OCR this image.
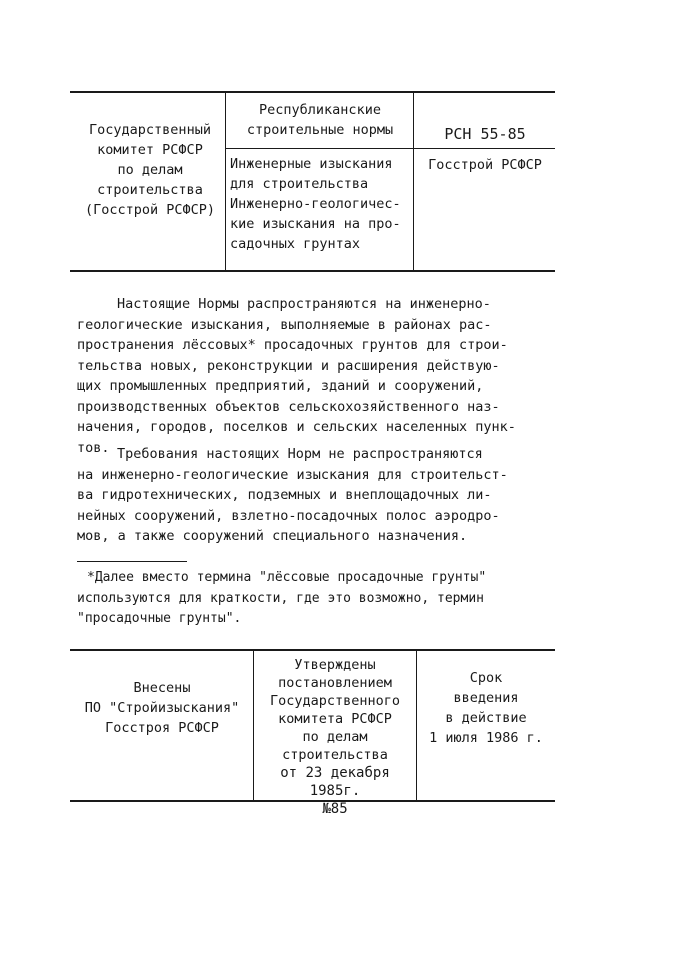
Государственный
комитет РСФСР
по делам
строительства
(Госстрой РСФСР)
Республиканские
строительные нормы
Инженерные изыскания
для строительства
Инженерно-геологичес-
кие изыскания на про-
садочных грунтах
РСН 55-85
Госстрой РСФСР
Настоящие Нормы распространяются на инженерно-
геологические изыскания, выполняемые в районах рас-
пространения лёссовых* просадочных грунтов для строи-
тельства новых, реконструкции и расширения действую-
щих промышленных предприятий, зданий и сооружений,
производственных объектов сельскохозяйственного наз-
начения, городов, поселков и сельских населенных пунк-
тов. Требования настоящих Норм не распространяются
на инженерно-геологические изыскания для строительст-
ва гидротехнических, подземных и внеплощадочных ли-
нейных сооружений, взлетно-посадочных полос аэродро-
мов, а также сооружений специального назначения.
*Далее вместо термина "лёссовые просадочные грунты"
используются для краткости, где это возможно, термин
"просадочные грунты".
Внесены
ПО "Стройизыскания"
Госстроя РСФСР
Утверждены
постановлением
Государственного
комитета РСФСР
по делам
строительства
от 23 декабря 1985г.
№85
Срок
введения
в действие
1 июля 1986 г.
